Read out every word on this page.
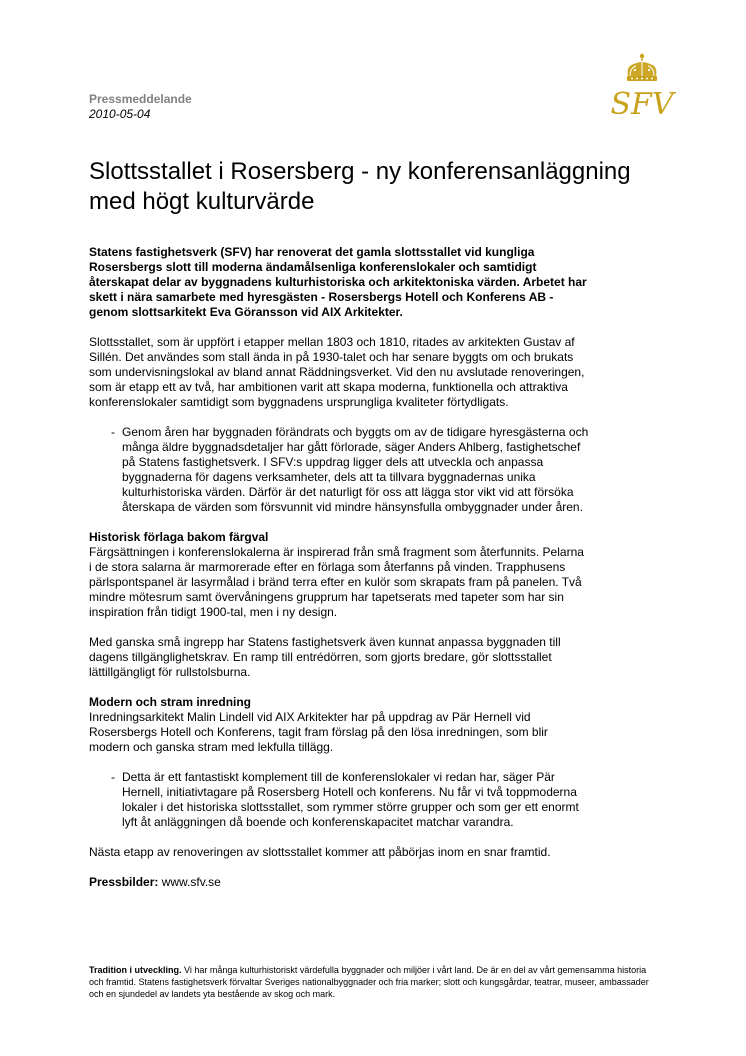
SFV
Pressmeddelande
2010-05-04
Slottsstallet i Rosersberg - ny konferensanläggning med högt kulturvärde

Statens fastighetsverk (SFV) har renoverat det gamla slottsstallet vid kungliga Rosersbergs slott till moderna ändamålsenliga konferenslokaler och samtidigt återskapat delar av byggnadens kulturhistoriska och arkitektoniska värden. Arbetet har skett i nära samarbete med hyresgästen - Rosersbergs Hotell och Konferens AB - genom slottsarkitekt Eva Göransson vid AIX Arkitekter.

Slottsstallet, som är uppfört i etapper mellan 1803 och 1810, ritades av arkitekten Gustav af Sillén. Det användes som stall ända in på 1930-talet och har senare byggts om och brukats som undervisningslokal av bland annat Räddningsverket. Vid den nu avslutade renoveringen, som är etapp ett av två, har ambitionen varit att skapa moderna, funktionella och attraktiva konferenslokaler samtidigt som byggnadens ursprungliga kvaliteter förtydligats.

- Genom åren har byggnaden förändrats och byggts om av de tidigare hyresgästerna och många äldre byggnadsdetaljer har gått förlorade, säger Anders Ahlberg, fastighetschef på Statens fastighetsverk. I SFV:s uppdrag ligger dels att utveckla och anpassa byggnaderna för dagens verksamheter, dels att ta tillvara byggnadernas unika kulturhistoriska värden. Därför är det naturligt för oss att lägga stor vikt vid att försöka återskapa de värden som försvunnit vid mindre hänsynsfulla ombyggnader under åren.

Historisk förlaga bakom färgval

Färgsättningen i konferenslokalerna är inspirerad från små fragment som återfunnits. Pelarna i de stora salarna är marmorerade efter en förlaga som återfanns på vinden. Trapphusens pärlspontspanel är lasyrmålad i bränd terra efter en kulör som skrapats fram på panelen. Två mindre mötesrum samt övervåningens grupprum har tapetserats med tapeter som har sin inspiration från tidigt 1900-tal, men i ny design.

Med ganska små ingrepp har Statens fastighetsverk även kunnat anpassa byggnaden till dagens tillgänglighetskrav. En ramp till entrédörren, som gjorts bredare, gör slottsstallet lättillgängligt för rullstolsburna.

Modern och stram inredning

Inredningsarkitekt Malin Lindell vid AIX Arkitekter har på uppdrag av Pär Hernell vid Rosersbergs Hotell och Konferens, tagit fram förslag på den lösa inredningen, som blir modern och ganska stram med lekfulla tillägg.

- Detta är ett fantastiskt komplement till de konferenslokaler vi redan har, säger Pär Hernell, initiativtagare på Rosersberg Hotell och konferens. Nu får vi två toppmoderna lokaler i det historiska slottsstallet, som rymmer större grupper och som ger ett enormt lyft åt anläggningen då boende och konferenskapacitet matchar varandra.

Nästa etapp av renoveringen av slottsstallet kommer att påbörjas inom en snar framtid.

Pressbilder: www.sfv.se

Tradition i utveckling. Vi har många kulturhistoriskt värdefulla byggnader och miljöer i vårt land. De är en del av vårt gemensamma historia och framtid. Statens fastighetsverk förvaltar Sveriges nationalbyggnader och fria marker; slott och kungsgårdar, teatrar, museer, ambassader och en sjundedel av landets yta bestående av skog och mark.
